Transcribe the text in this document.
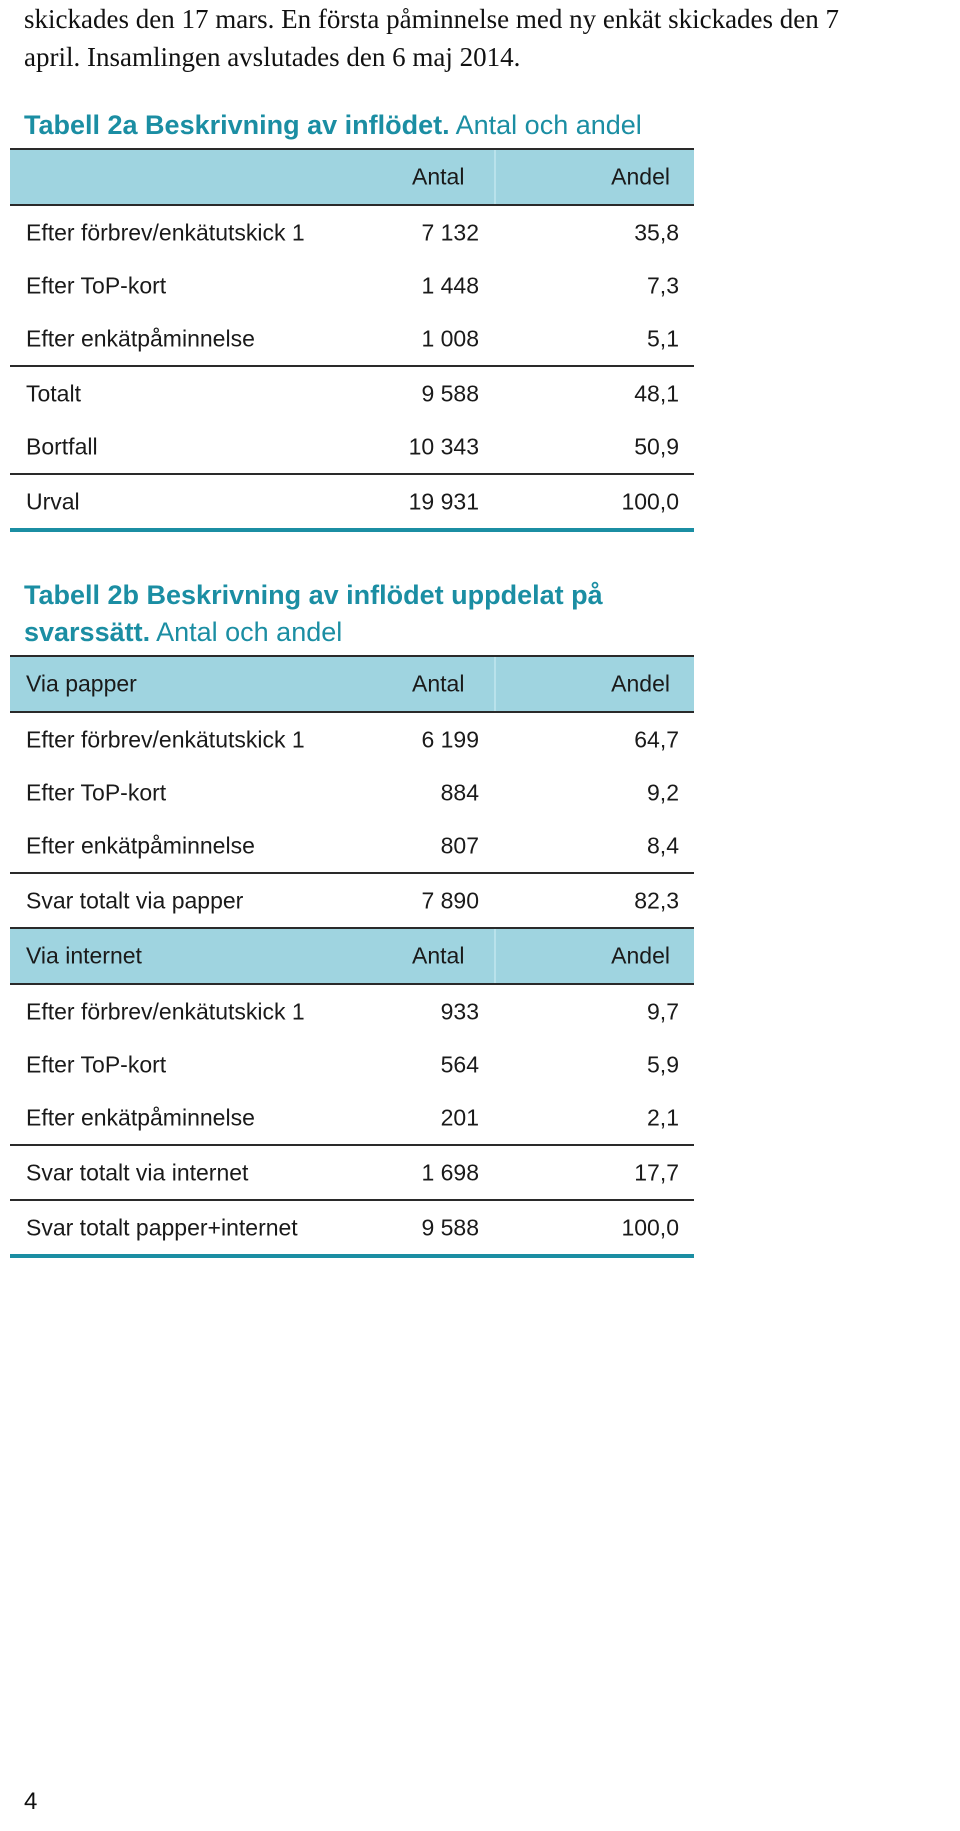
skickades den 17 mars. En första påminnelse med ny enkät skickades den 7
april. Insamlingen avslutades den 6 maj 2014.
Tabell 2a Beskrivning av inflödet. Antal och andel
Antal	Andel
Efter förbrev/enkätutskick 1	7 132	35,8
Efter ToP-kort	1 448	7,3
Efter enkätpåminnelse	1 008	5,1
Totalt	9 588	48,1
Bortfall	10 343	50,9
Urval	19 931	100,0
Tabell 2b Beskrivning av inflödet uppdelat på svarssätt. Antal och andel
Via papper	Antal	Andel
Efter förbrev/enkätutskick 1	6 199	64,7
Efter ToP-kort	884	9,2
Efter enkätpåminnelse	807	8,4
Svar totalt via papper	7 890	82,3
Via internet	Antal	Andel
Efter förbrev/enkätutskick 1	933	9,7
Efter ToP-kort	564	5,9
Efter enkätpåminnelse	201	2,1
Svar totalt via internet	1 698	17,7
Svar totalt papper+internet	9 588	100,0
4
